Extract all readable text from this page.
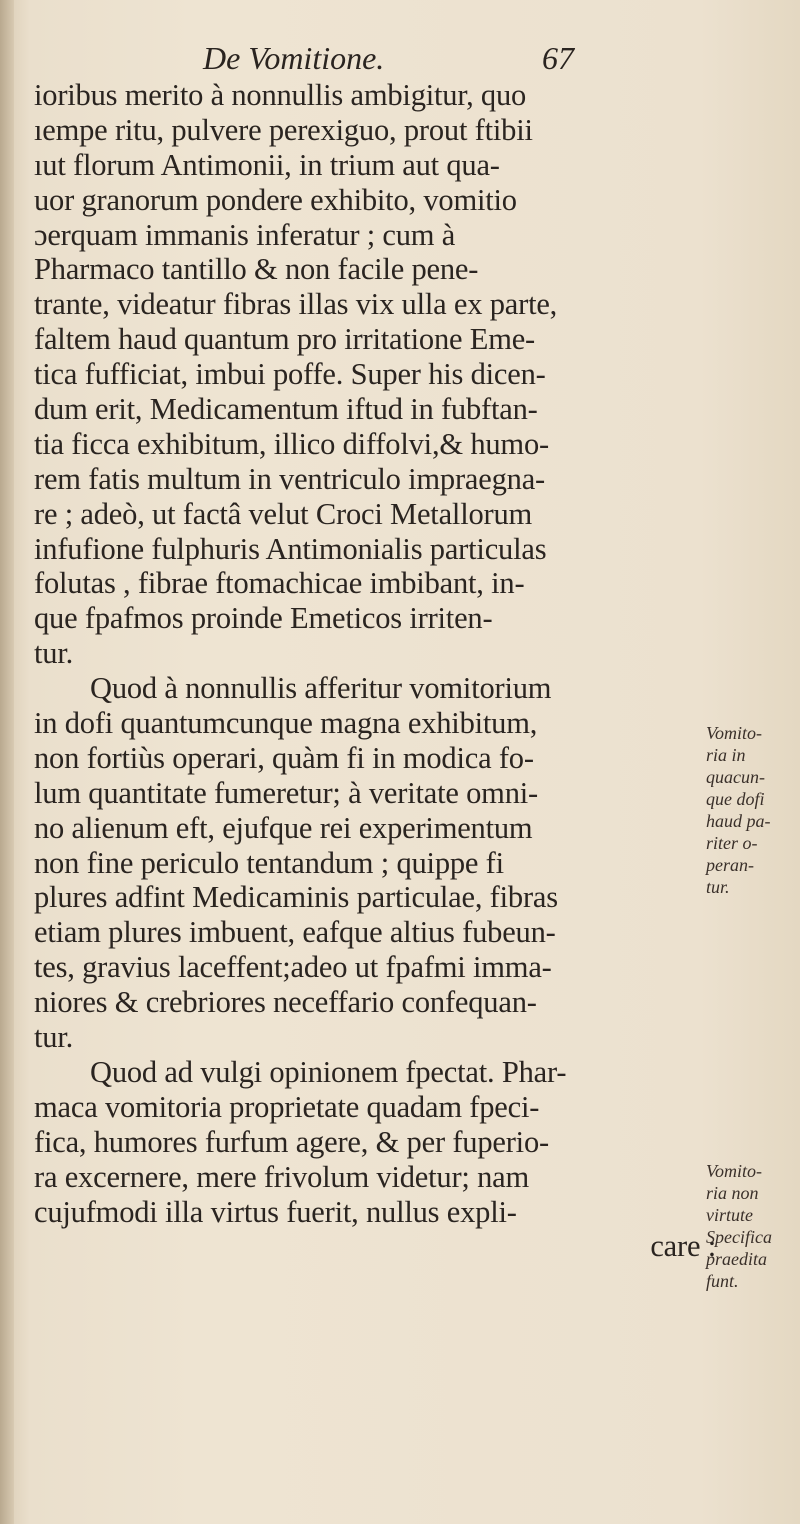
De Vomitione.	67
ioribus merito à nonnullis ambigitur, quo
ıempe ritu, pulvere perexiguo, prout ftibii
ıut florum Antimonii, in trium aut qua-
uor granorum pondere exhibito, vomitio
ɔerquam immanis inferatur ; cum à
Pharmaco tantillo & non facile pene-
trante, videatur fibras illas vix ulla ex parte,
faltem haud quantum pro irritatione Eme-
tica fufficiat, imbui poffe. Super his dicen-
dum erit, Medicamentum iftud in fubftan-
tia ficca exhibitum, illico diffolvi,& humo-
rem fatis multum in ventriculo impraegna-
re ; adeò, ut factâ velut Croci Metallorum
infufione fulphuris Antimonialis particulas
folutas , fibrae ftomachicae imbibant, in-
que fpafmos proinde Emeticos irriten-
tur.
Quod à nonnullis afferitur vomitorium
in dofi quantumcunque magna exhibitum,
non fortiùs operari, quàm fi in modica fo-
lum quantitate fumeretur; à veritate omni-
no alienum eft, ejufque rei experimentum
non fine periculo tentandum ; quippe fi
plures adfint Medicaminis particulae, fibras
etiam plures imbuent, eafque altius fubeun-
tes, gravius laceffent;adeo ut fpafmi imma-
niores & crebriores neceffario confequan-
tur.
Quod ad vulgi opinionem fpectat. Phar-
maca vomitoria proprietate quadam fpeci-
fica, humores furfum agere, & per fuperio-
ra excernere, mere frivolum videtur; nam
cujufmodi illa virtus fuerit, nullus expli-
care :
Vomito-
ria in
quacun-
que dofi
haud pa-
riter o-
peran-
tur.
Vomito-
ria non
virtute
Specifica
praedita
funt.
